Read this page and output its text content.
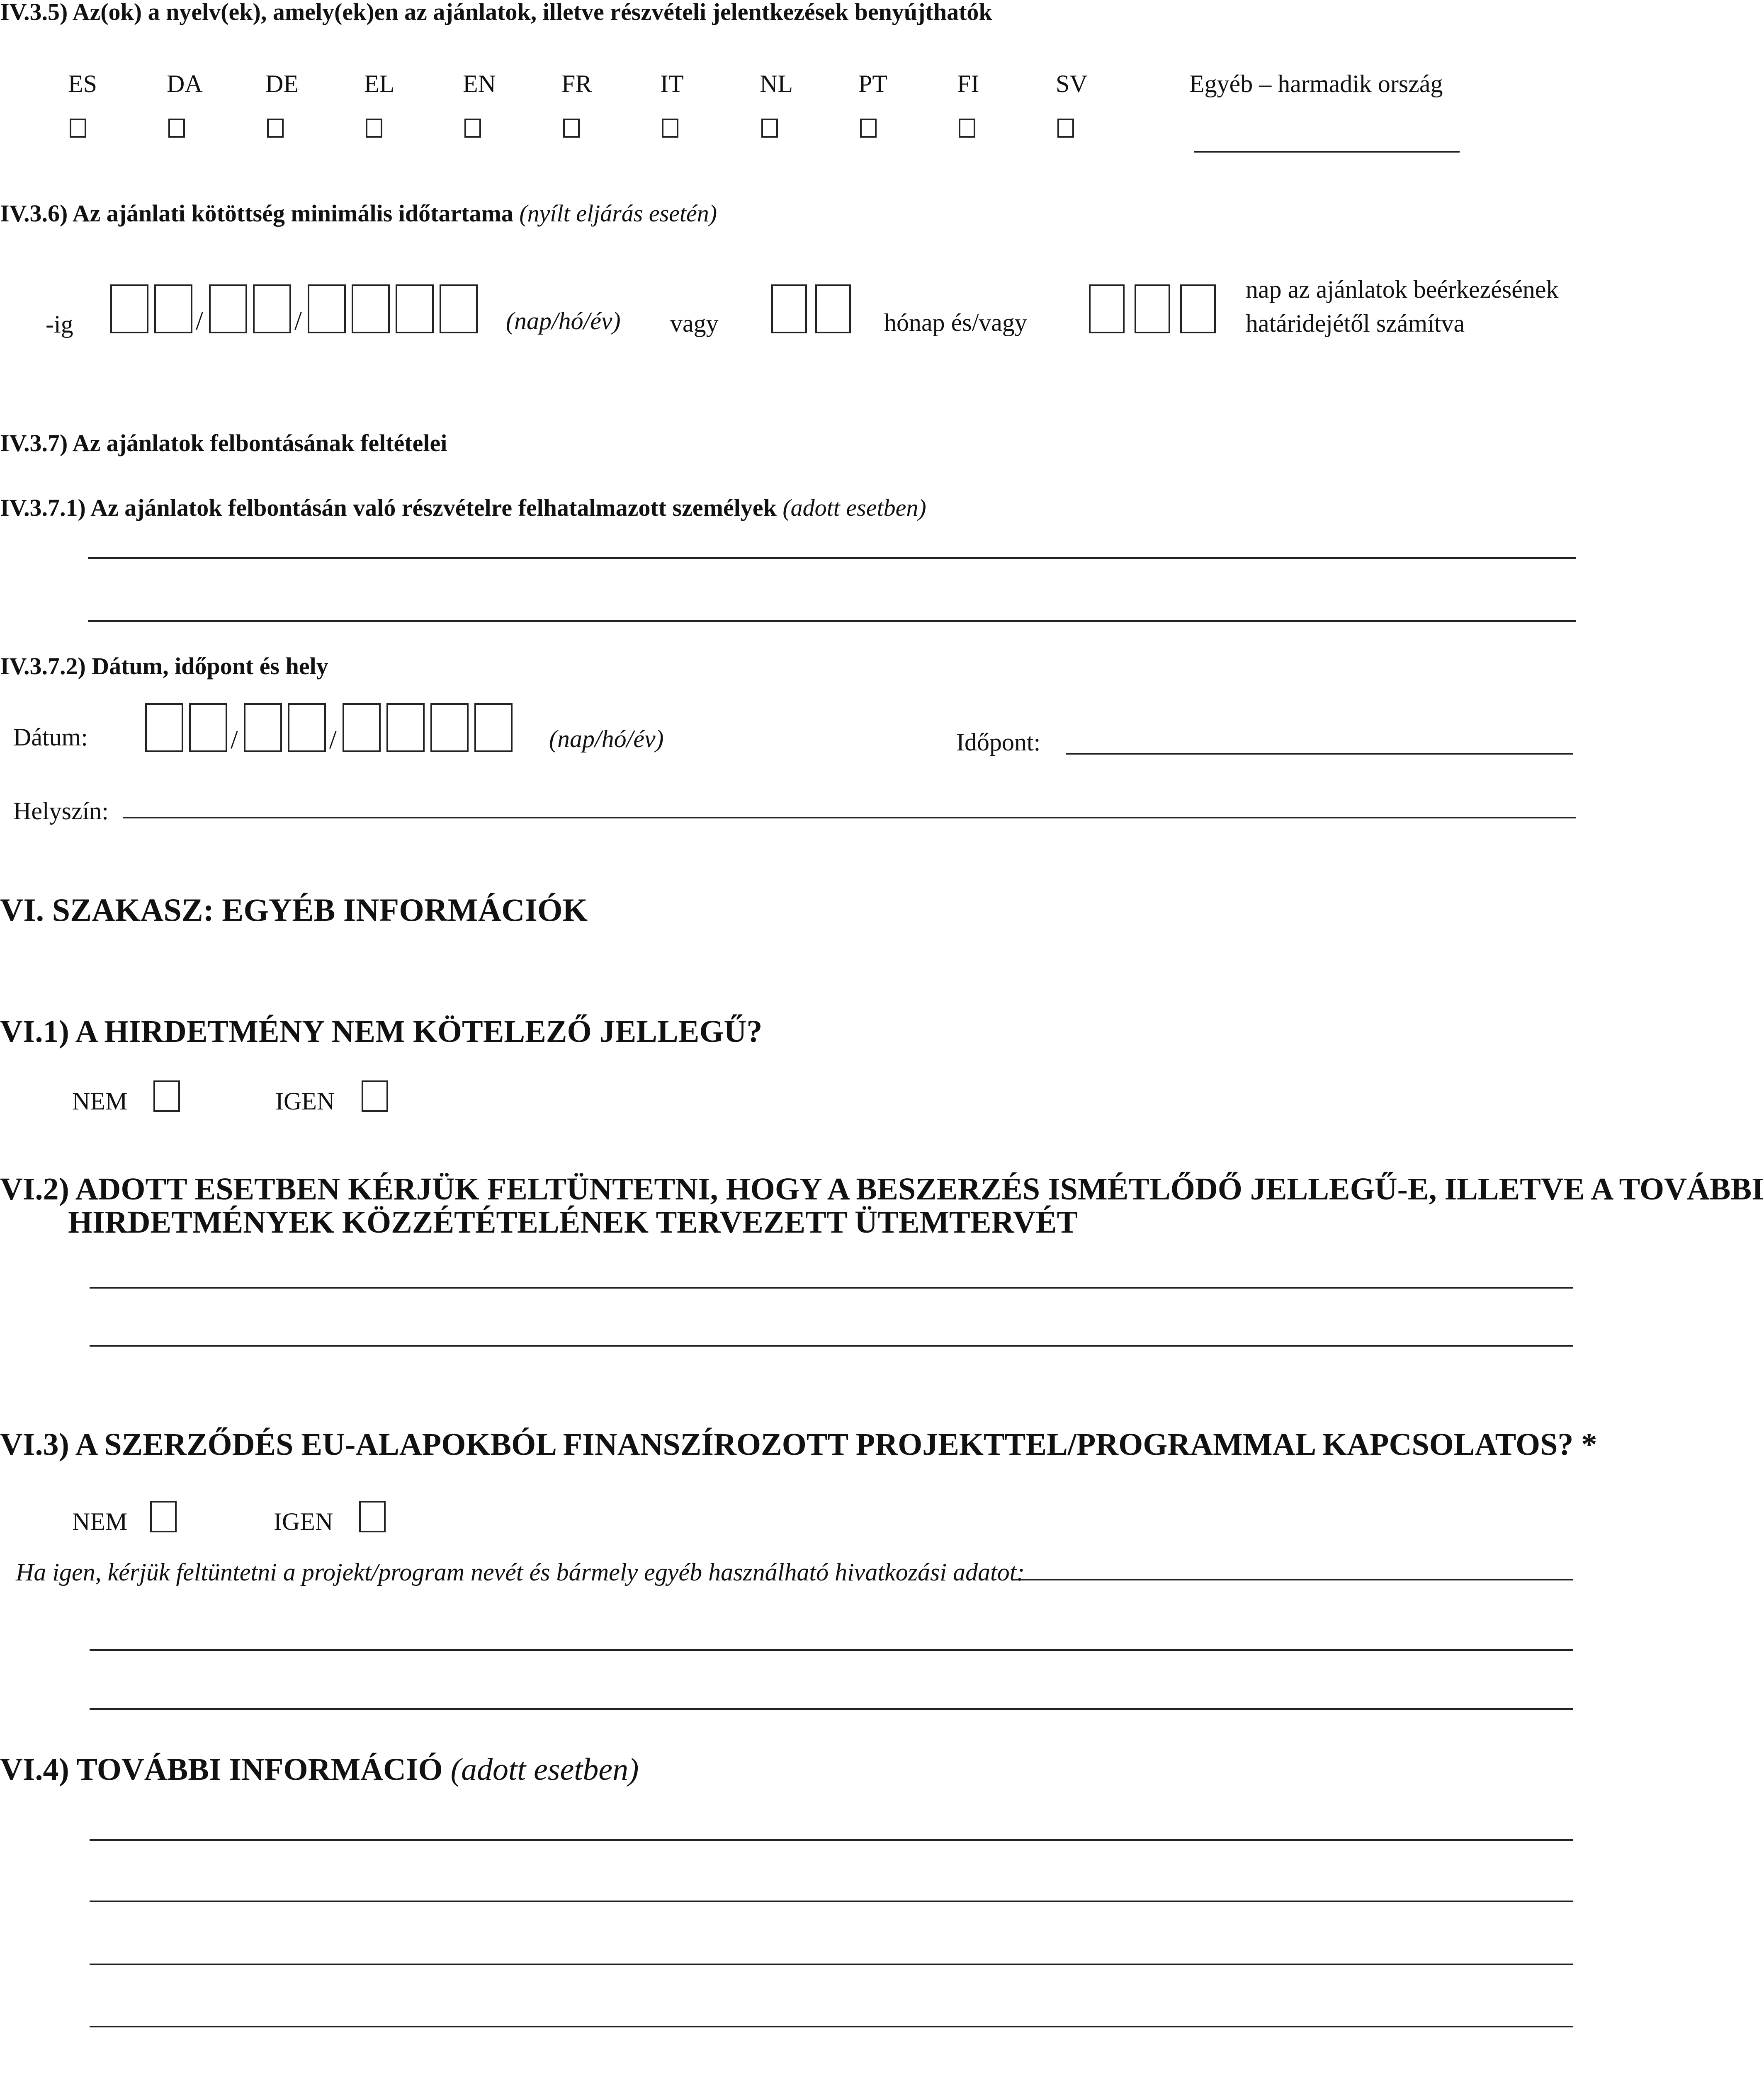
IV.3.5) Az(ok) a nyelv(ek), amely(ek)en az ajánlatok, illetve részvételi jelentkezések benyújthatók
ES	DA	DE	EL	EN	FR	IT	NL	PT	FI	SV	Egyéb – harmadik ország
IV.3.6) Az ajánlati kötöttség minimális időtartama (nyílt eljárás esetén)
-ig	/	/	(nap/hó/év) vagy	hónap és/vagy
nap az ajánlatok beérkezésének
határidejétől számítva
IV.3.7) Az ajánlatok felbontásának feltételei
IV.3.7.1) Az ajánlatok felbontásán való részvételre felhatalmazott személyek (adott esetben)
IV.3.7.2) Dátum, időpont és hely
Dátum:	/	/	(nap/hó/év)	Időpont:
Helyszín:
VI. SZAKASZ: EGYÉB INFORMÁCIÓK
VI.1) A HIRDETMÉNY NEM KÖTELEZŐ JELLEGŰ?
NEM	IGEN
VI.2) ADOTT ESETBEN KÉRJÜK FELTÜNTETNI, HOGY A BESZERZÉS ISMÉTLŐDŐ JELLEGŰ-E, ILLETVE A TOVÁBBI
HIRDETMÉNYEK KÖZZÉTÉTELÉNEK TERVEZETT ÜTEMTERVÉT
VI.3) A SZERZŐDÉS EU-ALAPOKBÓL FINANSZÍROZOTT PROJEKTTEL/PROGRAMMAL KAPCSOLATOS? *
NEM	IGEN
Ha igen, kérjük feltüntetni a projekt/program nevét és bármely egyéb használható hivatkozási adatot:
VI.4) TOVÁBBI INFORMÁCIÓ (adott esetben)
